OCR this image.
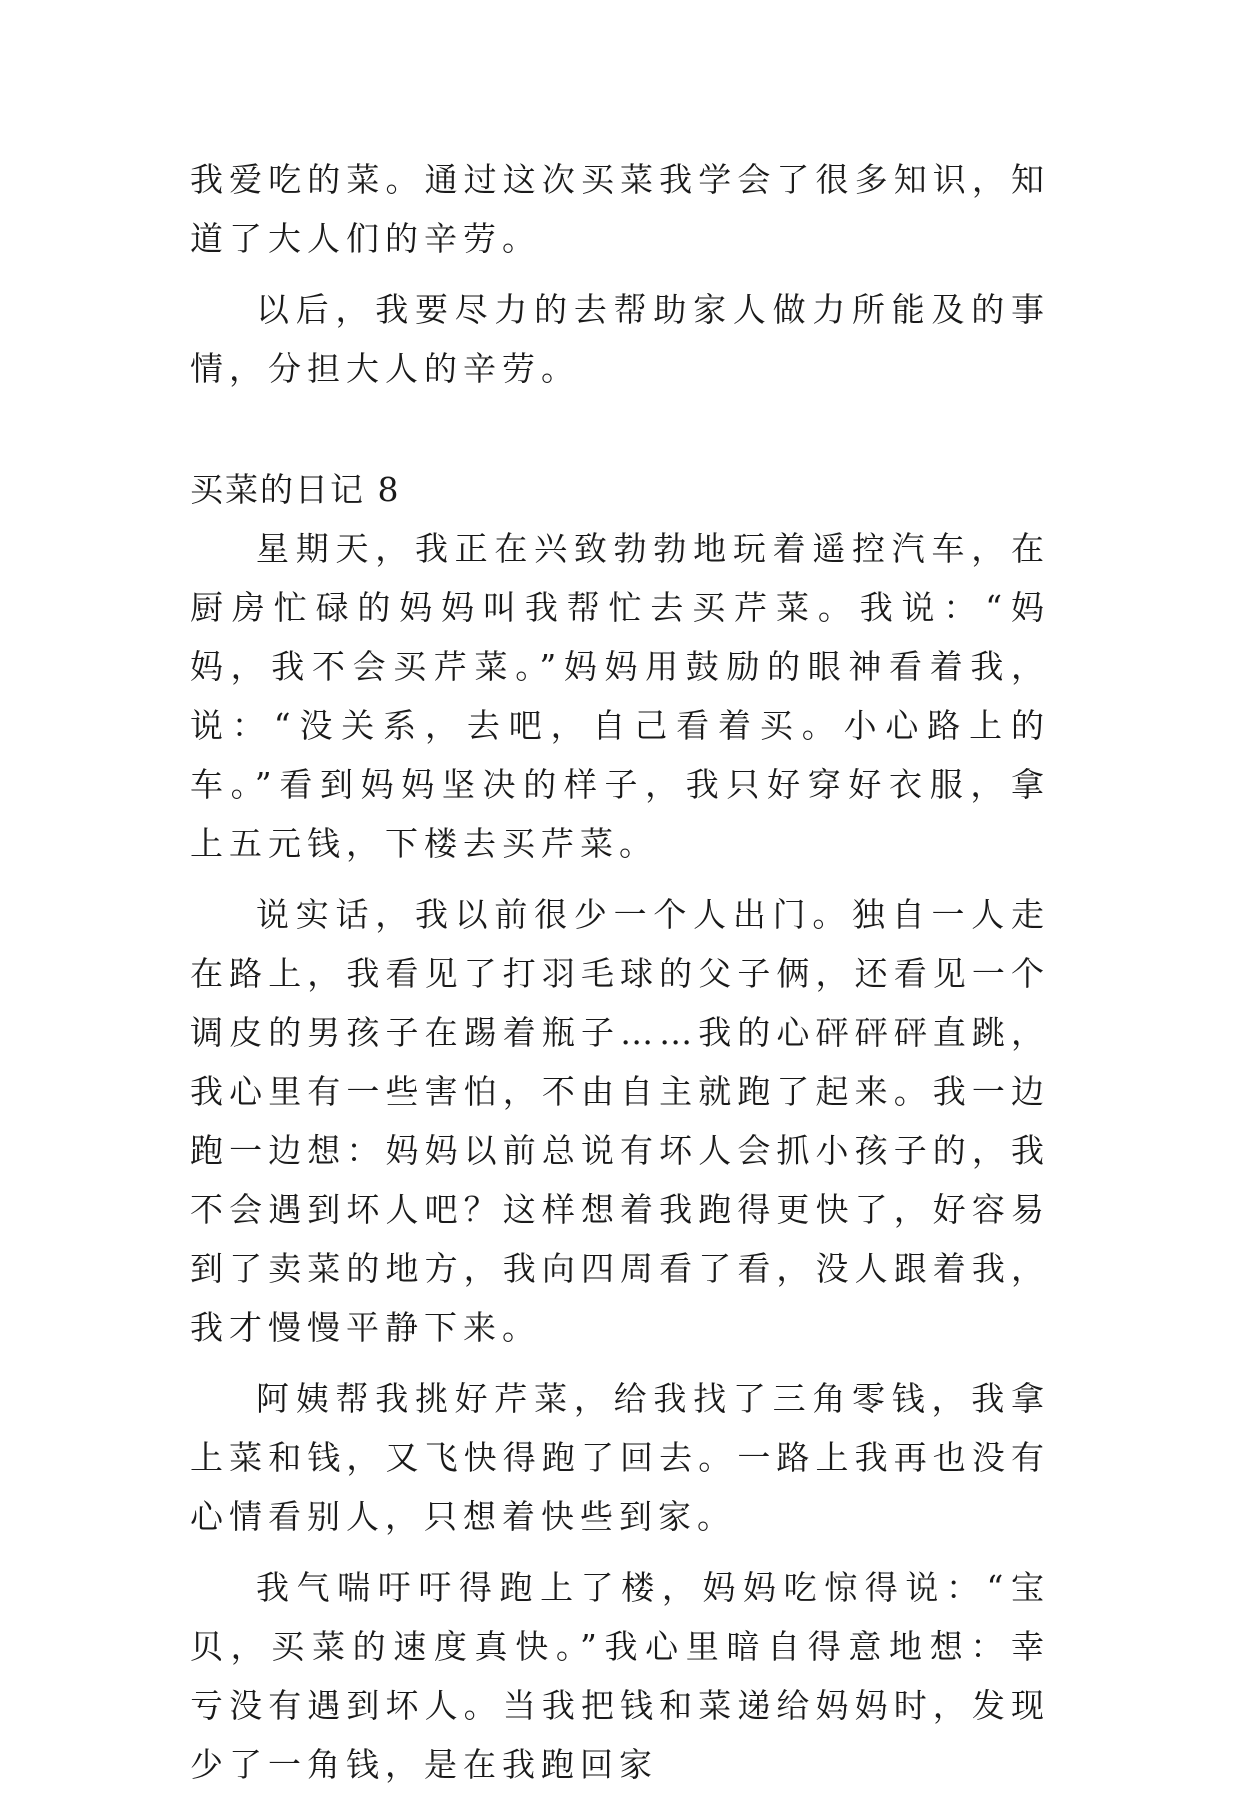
我爱吃的菜。通过这次买菜我学会了很多知识，知道了大人们的辛劳。

以后，我要尽力的去帮助家人做力所能及的事情，分担大人的辛劳。

买菜的日记 8

星期天，我正在兴致勃勃地玩着遥控汽车，在厨房忙碌的妈妈叫我帮忙去买芹菜。我说：“妈妈，我不会买芹菜。”妈妈用鼓励的眼神看着我，说：“没关系，去吧，自己看着买。小心路上的车。”看到妈妈坚决的样子，我只好穿好衣服，拿上五元钱，下楼去买芹菜。

说实话，我以前很少一个人出门。独自一人走在路上，我看见了打羽毛球的父子俩，还看见一个调皮的男孩子在踢着瓶子……我的心砰砰砰直跳，我心里有一些害怕，不由自主就跑了起来。我一边跑一边想：妈妈以前总说有坏人会抓小孩子的，我不会遇到坏人吧？这样想着我跑得更快了，好容易到了卖菜的地方，我向四周看了看，没人跟着我，我才慢慢平静下来。

阿姨帮我挑好芹菜，给我找了三角零钱，我拿上菜和钱，又飞快得跑了回去。一路上我再也没有心情看别人，只想着快些到家。

我气喘吁吁得跑上了楼，妈妈吃惊得说：“宝贝，买菜的速度真快。”我心里暗自得意地想：幸亏没有遇到坏人。当我把钱和菜递给妈妈时，发现少了一角钱，是在我跑回家
